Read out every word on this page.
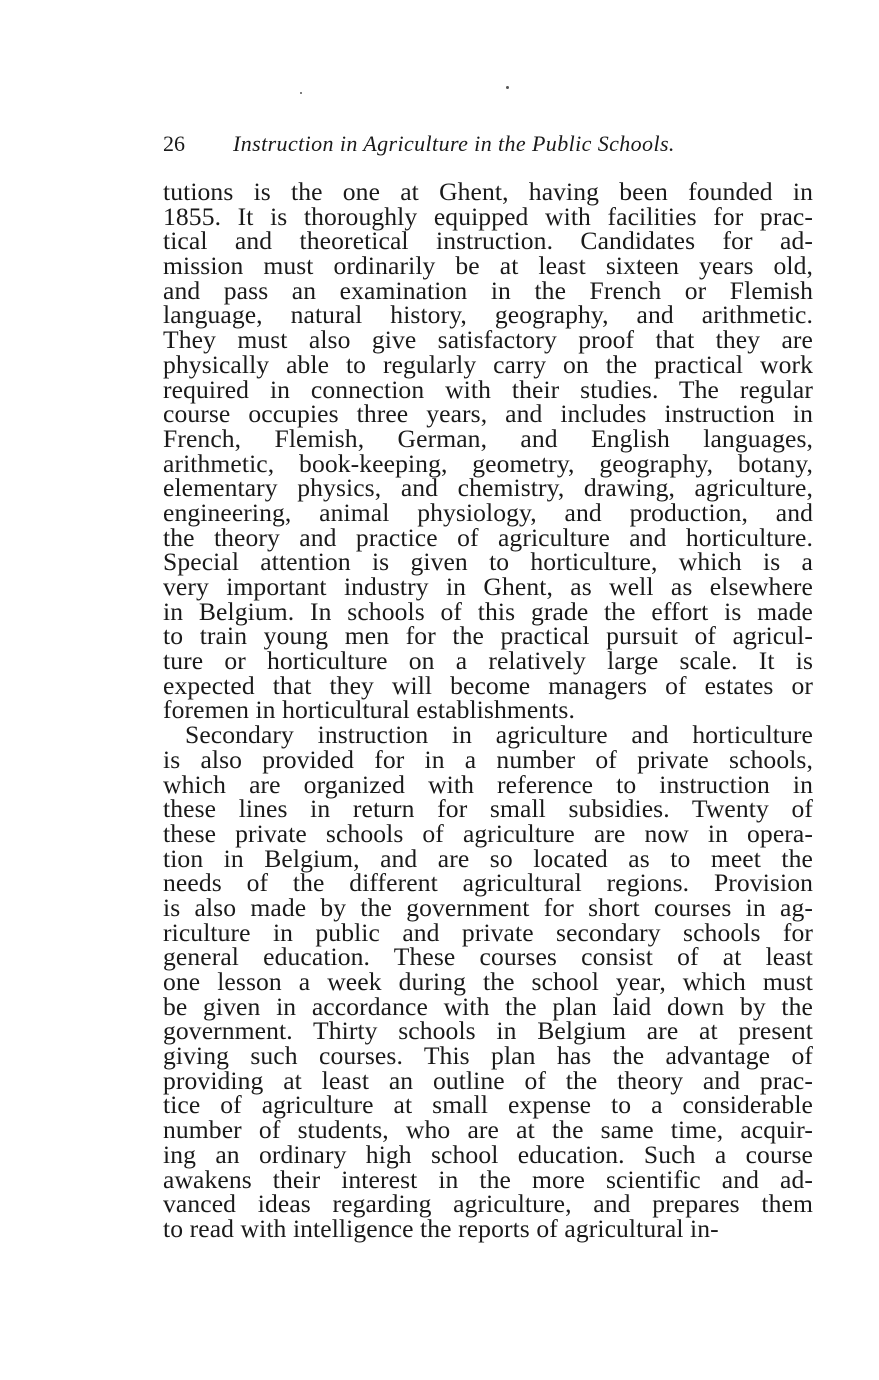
26 Instruction in Agriculture in the Public Schools.
tutions is the one at Ghent, having been founded in
1855. It is thoroughly equipped with facilities for prac-
tical and theoretical instruction. Candidates for ad-
mission must ordinarily be at least sixteen years old,
and pass an examination in the French or Flemish
language, natural history, geography, and arithmetic.
They must also give satisfactory proof that they are
physically able to regularly carry on the practical work
required in connection with their studies. The regular
course occupies three years, and includes instruction in
French, Flemish, German, and English languages,
arithmetic, book-keeping, geometry, geography, botany,
elementary physics, and chemistry, drawing, agriculture,
engineering, animal physiology, and production, and
the theory and practice of agriculture and horticulture.
Special attention is given to horticulture, which is a
very important industry in Ghent, as well as elsewhere
in Belgium. In schools of this grade the effort is made
to train young men for the practical pursuit of agricul-
ture or horticulture on a relatively large scale. It is
expected that they will become managers of estates or
foremen in horticultural establishments.
Secondary instruction in agriculture and horticulture
is also provided for in a number of private schools,
which are organized with reference to instruction in
these lines in return for small subsidies. Twenty of
these private schools of agriculture are now in opera-
tion in Belgium, and are so located as to meet the
needs of the different agricultural regions. Provision
is also made by the government for short courses in ag-
riculture in public and private secondary schools for
general education. These courses consist of at least
one lesson a week during the school year, which must
be given in accordance with the plan laid down by the
government. Thirty schools in Belgium are at present
giving such courses. This plan has the advantage of
providing at least an outline of the theory and prac-
tice of agriculture at small expense to a considerable
number of students, who are at the same time, acquir-
ing an ordinary high school education. Such a course
awakens their interest in the more scientific and ad-
vanced ideas regarding agriculture, and prepares them
to read with intelligence the reports of agricultural in-
